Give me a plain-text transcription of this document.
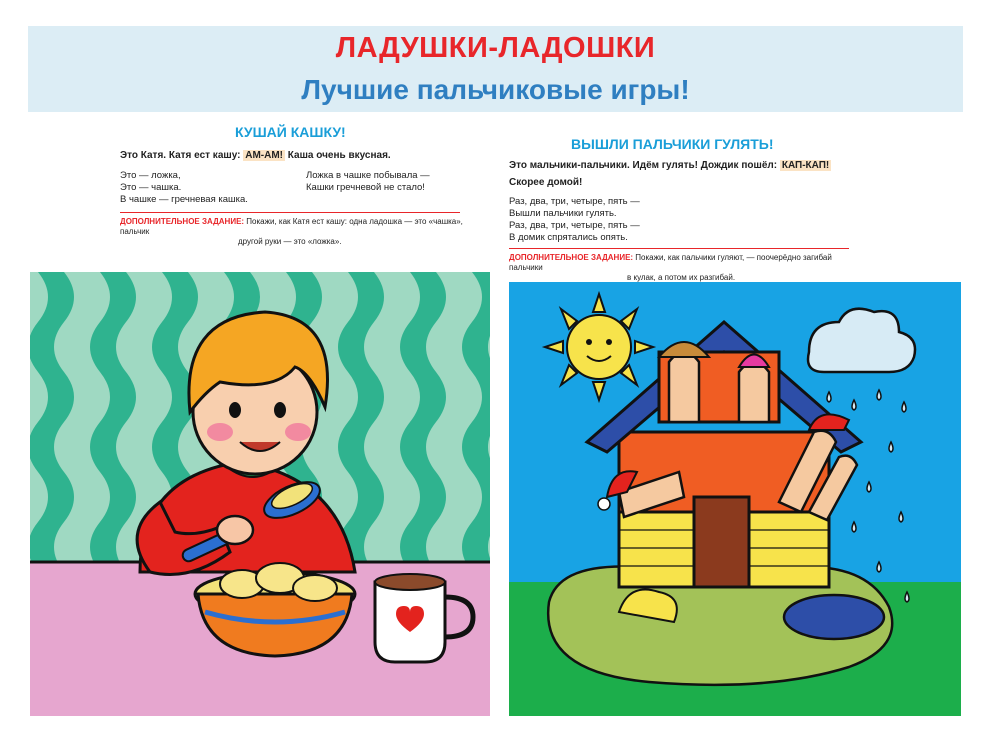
ЛАДУШКИ-ЛАДОШКИ
Лучшие пальчиковые игры!
КУШАЙ КАШКУ!
Это Катя. Катя ест кашу: АМ-АМ! Каша очень вкусная.
Это — ложка,
Это — чашка.
В чашке — гречневая кашка.
Ложка в чашке побывала —
Кашки гречневой не стало!
ДОПОЛНИТЕЛЬНОЕ ЗАДАНИЕ: Покажи, как Катя ест кашу: одна ладошка — это «чашка», пальчик
другой руки — это «ложка».
ВЫШЛИ ПАЛЬЧИКИ ГУЛЯТЬ!
Это мальчики-пальчики. Идём гулять! Дождик пошёл: КАП-КАП!
Скорее домой!
Раз, два, три, четыре, пять —
Вышли пальчики гулять.
Раз, два, три, четыре, пять —
В домик спрятались опять.
ДОПОЛНИТЕЛЬНОЕ ЗАДАНИЕ: Покажи, как пальчики гуляют, — поочерёдно загибай пальчики
в кулак, а потом их разгибай.
